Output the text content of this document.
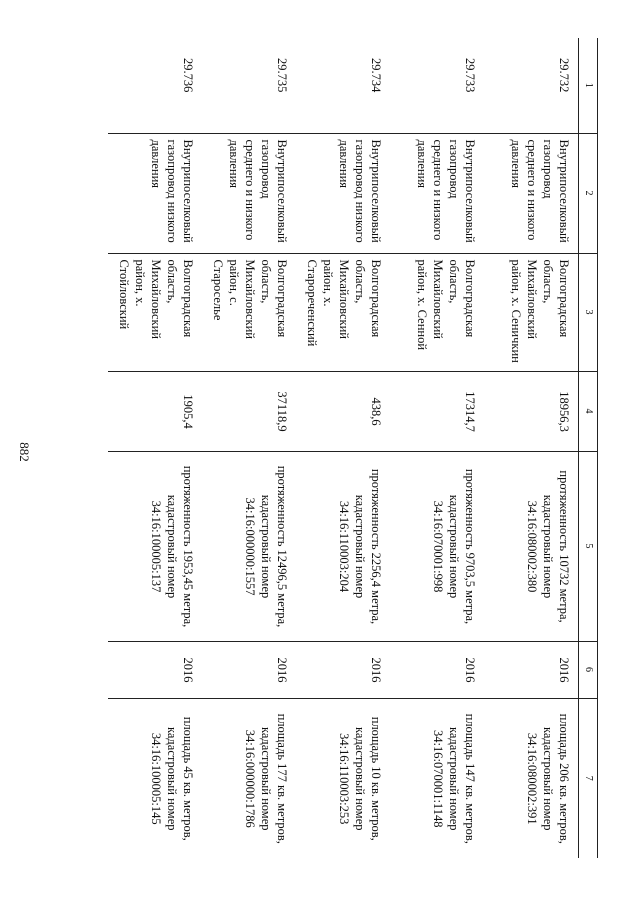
882
1	2	3	4	5	6	7
29.732	Внутрипоселковый газопровод среднего и низкого давления	Волгоградская область, Михайловский район, х. Сеничкин	18956,3	протяженность 10732 метра, кадастровый номер 34:16:080002:380	2016	площадь 206 кв. метров, кадастровый номер 34:16:080002:391
29.733	Внутрипоселковый газопровод среднего и низкого давления	Волгоградская область, Михайловский район, х. Сенной	17314,7	протяженность 9703,5 метра, кадастровый номер 34:16:070001:998	2016	площадь 147 кв. метров, кадастровый номер 34:16:070001:1148
29.734	Внутрипоселковый газопровод низкого давления	Волгоградская область, Михайловский район, х. Старореченский	438,6	протяженность 2256,4 метра, кадастровый номер 34:16:110003:204	2016	площадь 10 кв. метров, кадастровый номер 34:16:110003:253
29.735	Внутрипоселковый газопровод среднего и низкого давления	Волгоградская область, Михайловский район, с. Староселье	37118,9	протяженность 12496,5 метра, кадастровый номер 34:16:000000:1557	2016	площадь 177 кв. метров, кадастровый номер 34:16:000000:1786
29.736	Внутрипоселковый газопровод низкого давления	Волгоградская область, Михайловский район, х. Стойловский	1905,4	протяженность 1953,45 метра, кадастровый номер 34:16:100005:137	2016	площадь 45 кв. метров, кадастровый номер 34:16:100005:145
